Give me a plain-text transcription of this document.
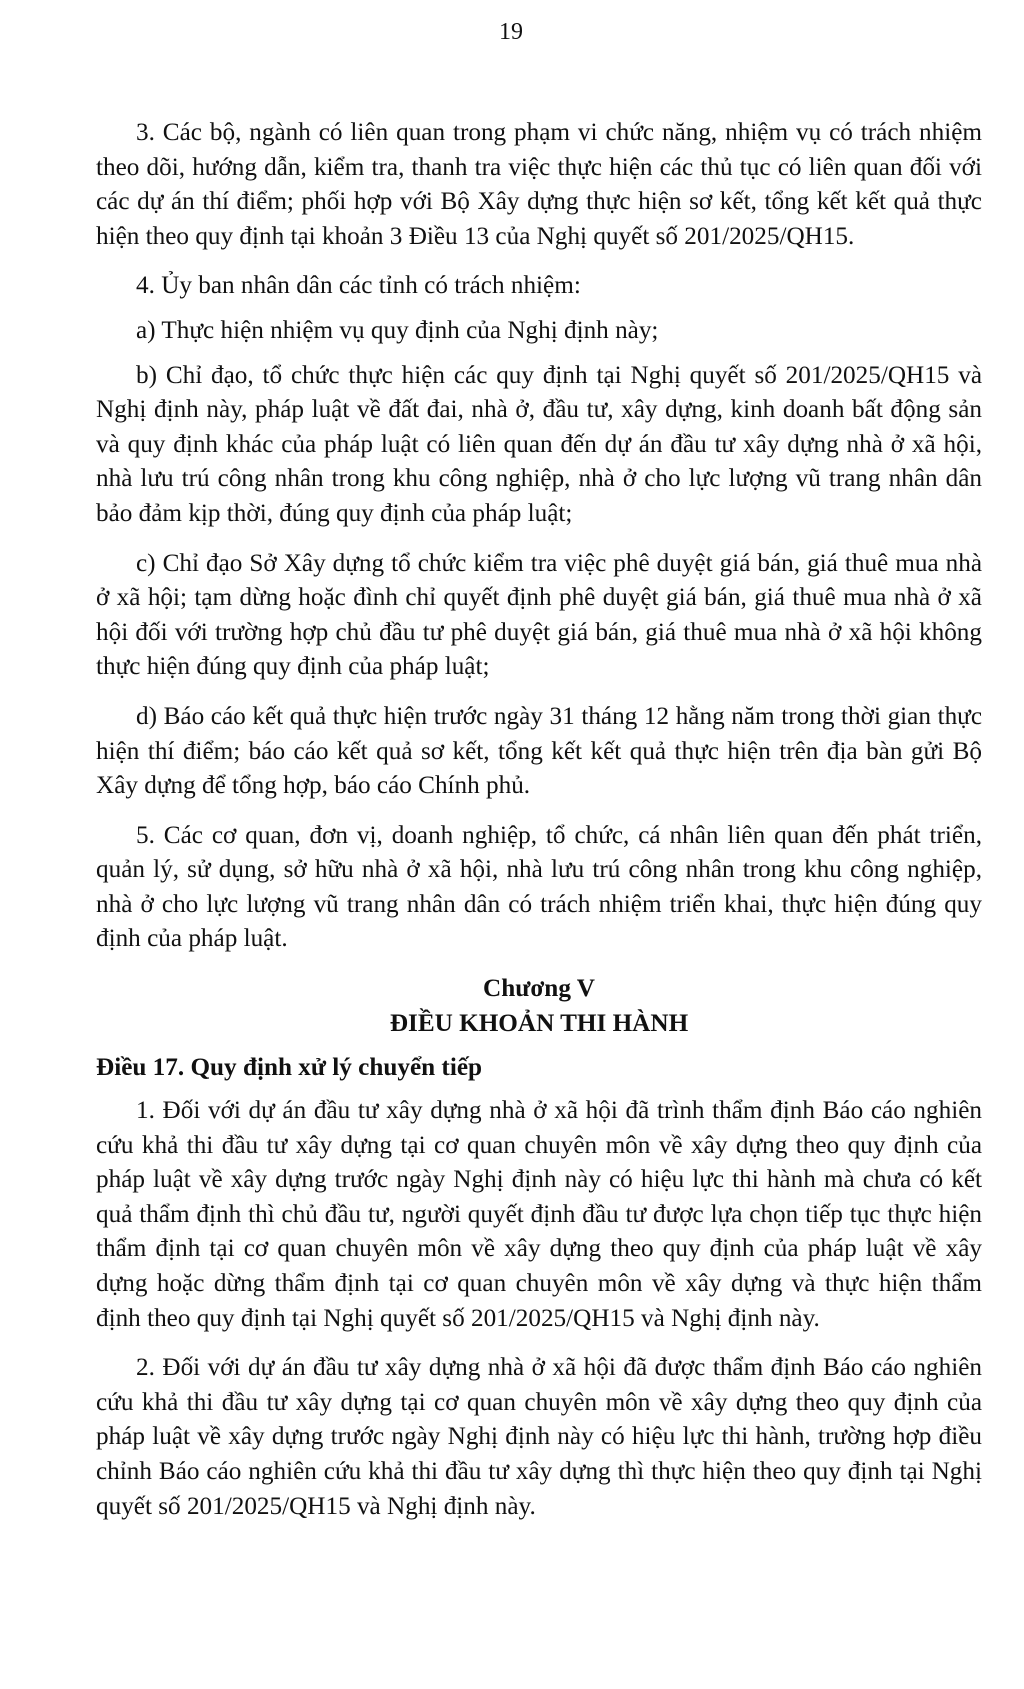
19

3. Các bộ, ngành có liên quan trong phạm vi chức năng, nhiệm vụ có trách nhiệm theo dõi, hướng dẫn, kiểm tra, thanh tra việc thực hiện các thủ tục có liên quan đối với các dự án thí điểm; phối hợp với Bộ Xây dựng thực hiện sơ kết, tổng kết kết quả thực hiện theo quy định tại khoản 3 Điều 13 của Nghị quyết số 201/2025/QH15.

4. Ủy ban nhân dân các tỉnh có trách nhiệm:

a) Thực hiện nhiệm vụ quy định của Nghị định này;

b) Chỉ đạo, tổ chức thực hiện các quy định tại Nghị quyết số 201/2025/QH15 và Nghị định này, pháp luật về đất đai, nhà ở, đầu tư, xây dựng, kinh doanh bất động sản và quy định khác của pháp luật có liên quan đến dự án đầu tư xây dựng nhà ở xã hội, nhà lưu trú công nhân trong khu công nghiệp, nhà ở cho lực lượng vũ trang nhân dân bảo đảm kịp thời, đúng quy định của pháp luật;

c) Chỉ đạo Sở Xây dựng tổ chức kiểm tra việc phê duyệt giá bán, giá thuê mua nhà ở xã hội; tạm dừng hoặc đình chỉ quyết định phê duyệt giá bán, giá thuê mua nhà ở xã hội đối với trường hợp chủ đầu tư phê duyệt giá bán, giá thuê mua nhà ở xã hội không thực hiện đúng quy định của pháp luật;

d) Báo cáo kết quả thực hiện trước ngày 31 tháng 12 hằng năm trong thời gian thực hiện thí điểm; báo cáo kết quả sơ kết, tổng kết kết quả thực hiện trên địa bàn gửi Bộ Xây dựng để tổng hợp, báo cáo Chính phủ.

5. Các cơ quan, đơn vị, doanh nghiệp, tổ chức, cá nhân liên quan đến phát triển, quản lý, sử dụng, sở hữu nhà ở xã hội, nhà lưu trú công nhân trong khu công nghiệp, nhà ở cho lực lượng vũ trang nhân dân có trách nhiệm triển khai, thực hiện đúng quy định của pháp luật.

Chương V

ĐIỀU KHOẢN THI HÀNH

Điều 17. Quy định xử lý chuyển tiếp

1. Đối với dự án đầu tư xây dựng nhà ở xã hội đã trình thẩm định Báo cáo nghiên cứu khả thi đầu tư xây dựng tại cơ quan chuyên môn về xây dựng theo quy định của pháp luật về xây dựng trước ngày Nghị định này có hiệu lực thi hành mà chưa có kết quả thẩm định thì chủ đầu tư, người quyết định đầu tư được lựa chọn tiếp tục thực hiện thẩm định tại cơ quan chuyên môn về xây dựng theo quy định của pháp luật về xây dựng hoặc dừng thẩm định tại cơ quan chuyên môn về xây dựng và thực hiện thẩm định theo quy định tại Nghị quyết số 201/2025/QH15 và Nghị định này.

2. Đối với dự án đầu tư xây dựng nhà ở xã hội đã được thẩm định Báo cáo nghiên cứu khả thi đầu tư xây dựng tại cơ quan chuyên môn về xây dựng theo quy định của pháp luật về xây dựng trước ngày Nghị định này có hiệu lực thi hành, trường hợp điều chỉnh Báo cáo nghiên cứu khả thi đầu tư xây dựng thì thực hiện theo quy định tại Nghị quyết số 201/2025/QH15 và Nghị định này.
